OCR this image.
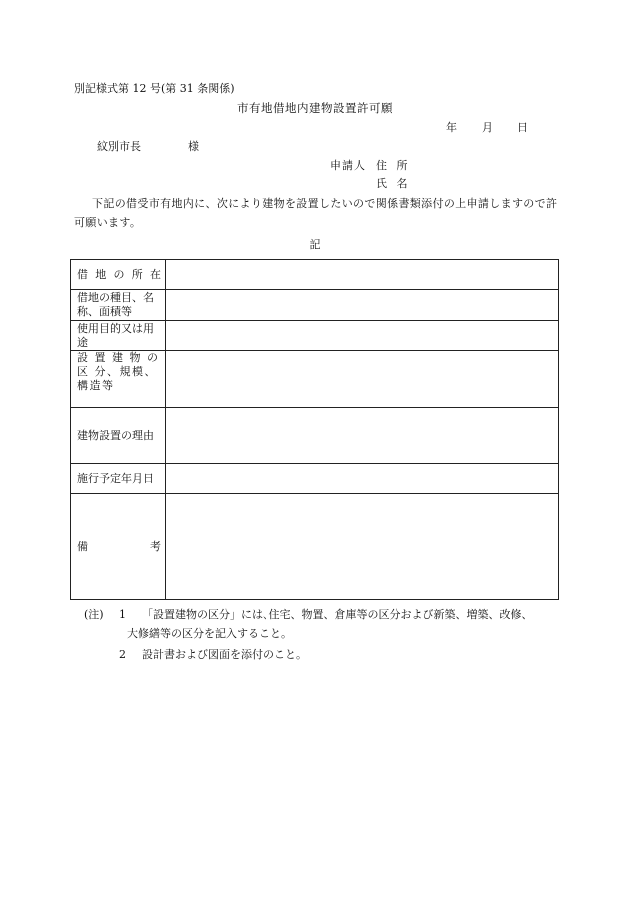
別記様式第 12 号(第 31 条関係)
市有地借地内建物設置許可願
年 月 日
紋別市長	様
申請人 住 所
氏 名
下記の借受市有地内に、次により建物を設置したいので関係書類添付の上申請しますので許可願います。
記
借 地 の 所 在	

借地の種目、名称、面積等	

使用目的又は用途	

設 置 建 物 の 区 分、規模、構造等	

建物設置の理由	

施行予定年月日	

備 考	

(注) 1 「設置建物の区分」には､住宅、物置、倉庫等の区分および新築、増築、改修、
大修繕等の区分を記入すること。
2 設計書および図面を添付のこと。
